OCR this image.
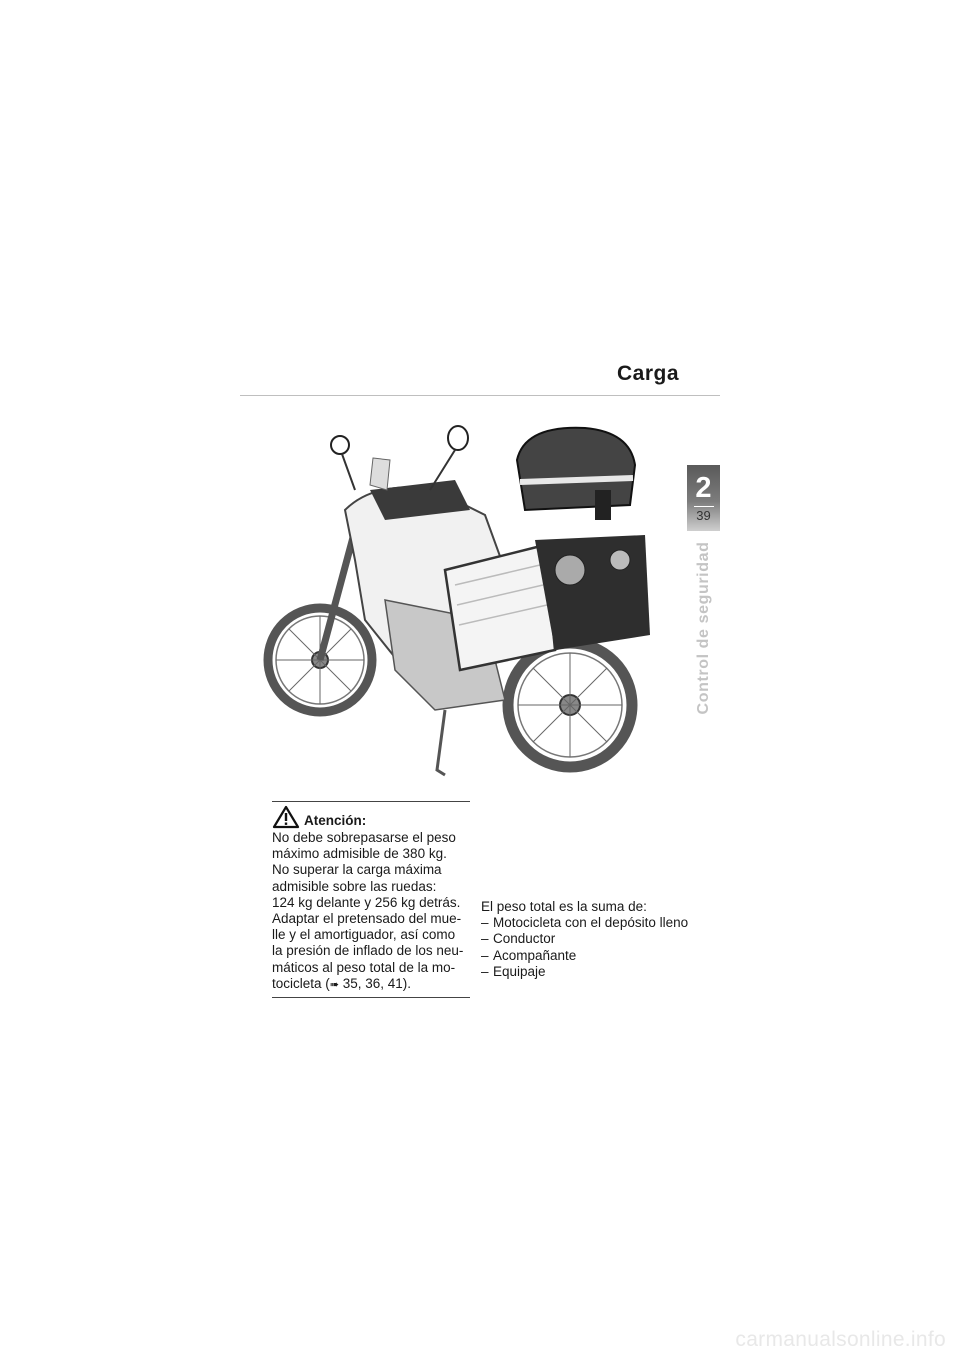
Carga
2
39
Control de seguridad
Atención:
No debe sobrepasarse el peso
máximo admisible de 380 kg.
No superar la carga máxima
admisible sobre las ruedas:
124 kg delante y 256 kg detrás.
Adaptar el pretensado del mue-
lle y el amortiguador, así como
la presión de inflado de los neu-
máticos al peso total de la mo-
tocicleta (➠ 35, 36, 41).
El peso total es la suma de:
– Motocicleta con el depósito lleno
– Conductor
– Acompañante
– Equipaje
carmanualsonline.info
